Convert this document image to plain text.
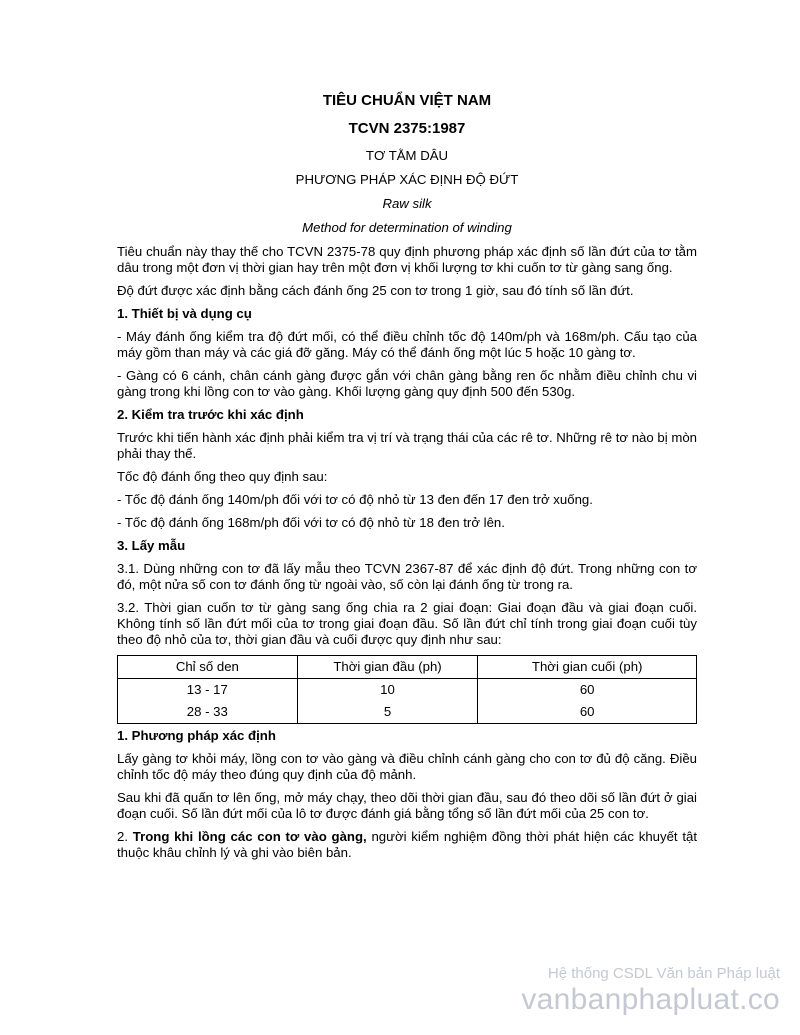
TIÊU CHUẨN VIỆT NAM
TCVN 2375:1987
TƠ TẰM DÂU
PHƯƠNG PHÁP XÁC ĐỊNH ĐỘ ĐỨT
Raw silk
Method for determination of winding

Tiêu chuẩn này thay thế cho TCVN 2375-78 quy định phương pháp xác định số lần đứt của tơ tằm dâu trong một đơn vị thời gian hay trên một đơn vị khối lượng tơ khi cuốn tơ từ gàng sang ống.

Độ đứt được xác định bằng cách đánh ống 25 con tơ trong 1 giờ, sau đó tính số lần đứt.

1. Thiết bị và dụng cụ

- Máy đánh ống kiểm tra độ đứt mối, có thể điều chỉnh tốc độ 140m/ph và 168m/ph. Cấu tạo của máy gồm than máy và các giá đỡ găng. Máy có thể đánh ống một lúc 5 hoặc 10 gàng tơ.

- Gàng có 6 cánh, chân cánh gàng được gắn với chân gàng bằng ren ốc nhằm điều chỉnh chu vi gàng trong khi lồng con tơ vào gàng. Khối lượng gàng quy định 500 đến 530g.

2. Kiểm tra trước khi xác định

Trước khi tiến hành xác định phải kiểm tra vị trí và trạng thái của các rê tơ. Những rê tơ nào bị mòn phải thay thế.

Tốc độ đánh ống theo quy định sau:

- Tốc độ đánh ống 140m/ph đối với tơ có độ nhỏ từ 13 đen đến 17 đen trở xuống.

- Tốc độ đánh ống 168m/ph đối với tơ có độ nhỏ từ 18 đen trở lên.

3. Lấy mẫu

3.1. Dùng những con tơ đã lấy mẫu theo TCVN 2367-87 để xác định độ đứt. Trong những con tơ đó, một nửa số con tơ đánh ống từ ngoài vào, số còn lại đánh ống từ trong ra.

3.2. Thời gian cuốn tơ từ gàng sang ống chia ra 2 giai đoạn: Giai đoạn đầu và giai đoạn cuối. Không tính số lần đứt mối của tơ trong giai đoạn đầu. Số lần đứt chỉ tính trong giai đoạn cuối tùy theo độ nhỏ của tơ, thời gian đầu và cuối được quy định như sau:

Chỉ số den	Thời gian đầu (ph)	Thời gian cuối (ph)
13 - 17	10	60
28 - 33	5	60
1. Phương pháp xác định

Lấy gàng tơ khỏi máy, lồng con tơ vào gàng và điều chỉnh cánh gàng cho con tơ đủ độ căng. Điều chỉnh tốc độ máy theo đúng quy định của độ mảnh.

Sau khi đã quấn tơ lên ống, mở máy chạy, theo dõi thời gian đầu, sau đó theo dõi số lần đứt ở giai đoạn cuối. Số lần đứt mối của lô tơ được đánh giá bằng tổng số lần đứt mối của 25 con tơ.

2. Trong khi lồng các con tơ vào gàng, người kiểm nghiệm đồng thời phát hiện các khuyết tật thuộc khâu chỉnh lý và ghi vào biên bản.

Hệ thống CSDL Văn bản Pháp luật
vanbanphapluat.co
